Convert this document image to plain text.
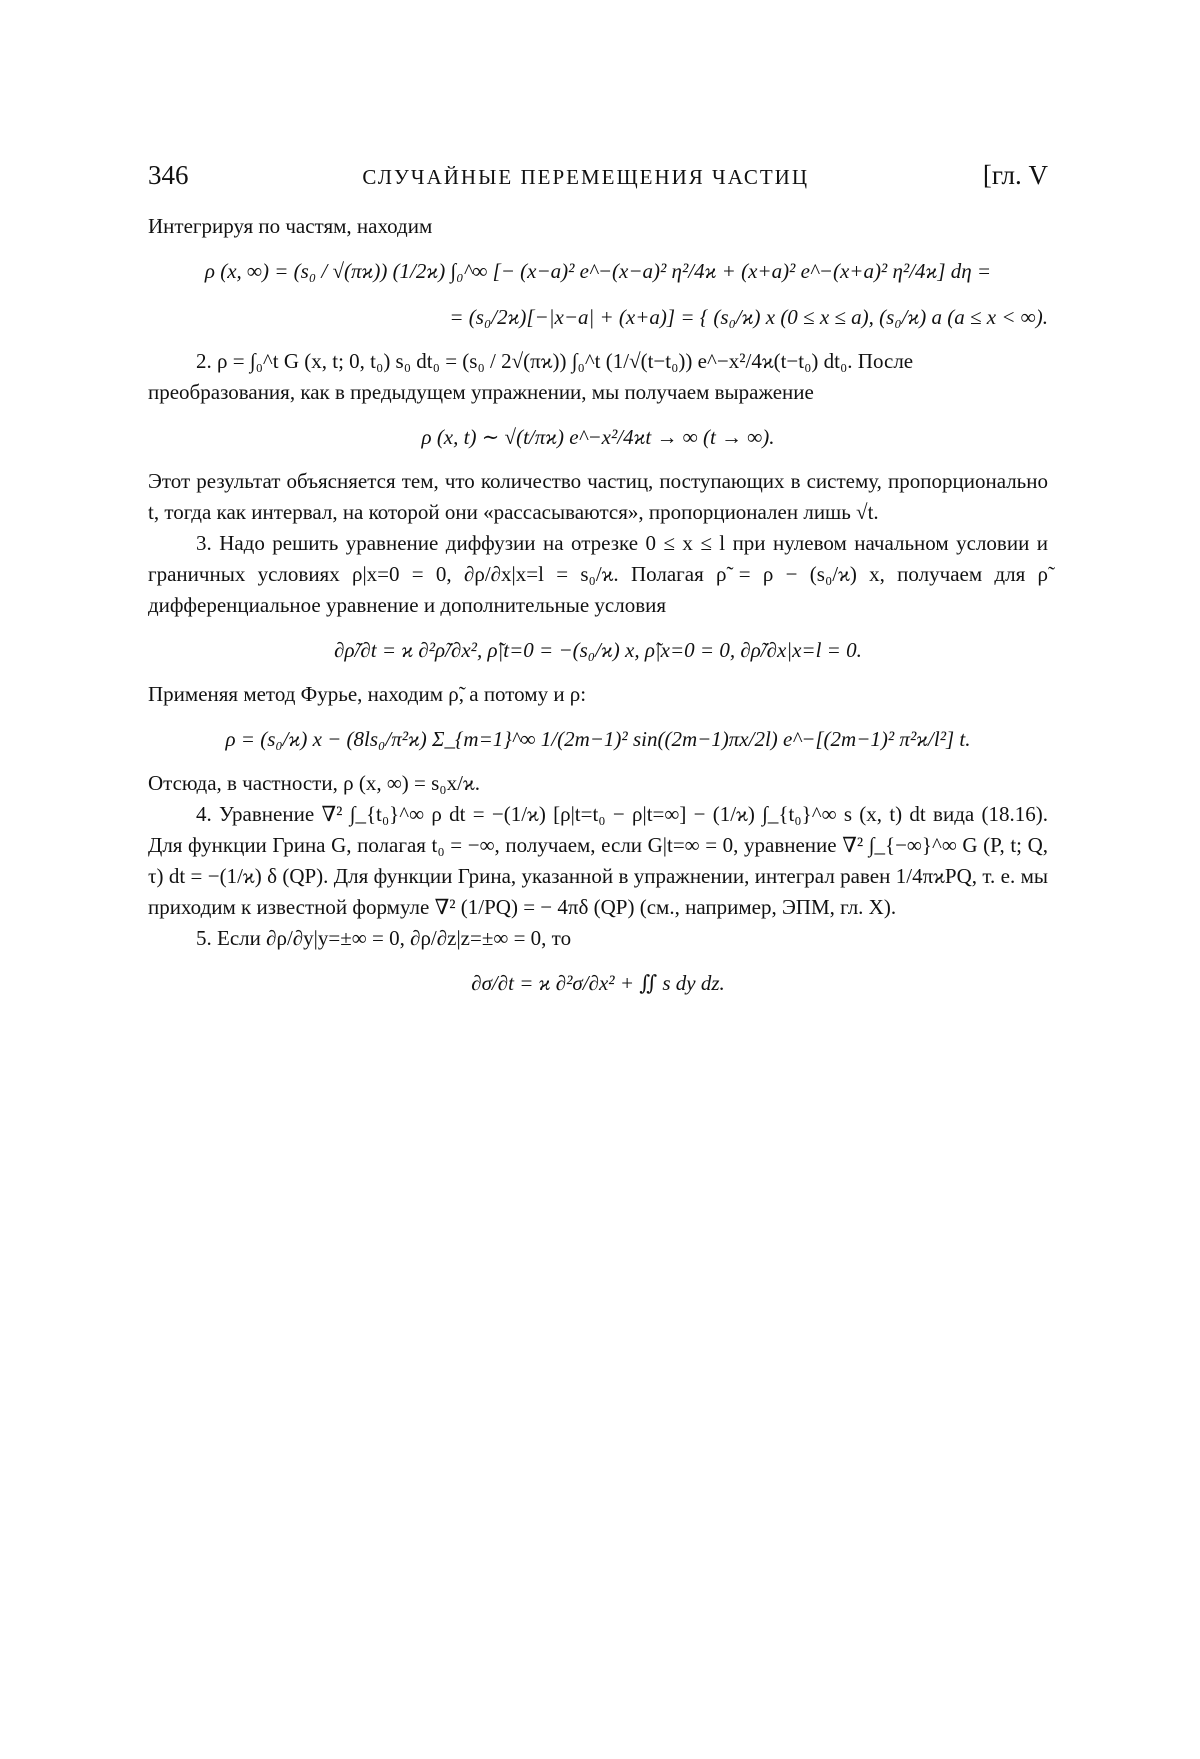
346	СЛУЧАЙНЫЕ ПЕРЕМЕЩЕНИЯ ЧАСТИЦ	[гл. V

Интегрируя по частям, находим

ρ (x, ∞) = (s₀ / √(πϰ)) (1/2ϰ) ∫₀^∞ [− (x−a)² e^−(x−a)² η²/4ϰ + (x+a)² e^−(x+a)² η²/4ϰ] dη =
= (s₀/2ϰ)[−|x−a| + (x+a)] = { (s₀/ϰ) x (0 ≤ x ≤ a), (s₀/ϰ) a (a ≤ x < ∞).

2. ρ = ∫₀^t G (x, t; 0, t₀) s₀ dt₀ = (s₀ / 2√(πϰ)) ∫₀^t (1/√(t−t₀)) e^−x²/4ϰ(t−t₀) dt₀. После

преобразования, как в предыдущем упражнении, мы получаем выражение

ρ (x, t) ∼ √(t/πϰ) e^−x²/4ϰt → ∞ (t → ∞).

Этот результат объясняется тем, что количество частиц, поступающих в систему, пропорционально t, тогда как интервал, на которой они «рассасываются», пропорционален лишь √t.

3. Надо решить уравнение диффузии на отрезке 0 ≤ x ≤ l при нулевом начальном условии и граничных условиях ρ|x=0 = 0, ∂ρ/∂x|x=l = s₀/ϰ. Полагая ρ̃ = ρ − (s₀/ϰ) x, получаем для ρ̃ дифференциальное уравнение и дополнительные условия

∂ρ̃/∂t = ϰ ∂²ρ̃/∂x², ρ̃|t=0 = −(s₀/ϰ) x, ρ̃|x=0 = 0, ∂ρ̃/∂x|x=l = 0.

Применяя метод Фурье, находим ρ̃, а потому и ρ:

ρ = (s₀/ϰ) x − (8ls₀/π²ϰ) Σ_{m=1}^∞ 1/(2m−1)² sin((2m−1)πx/2l) e^−[(2m−1)² π²ϰ/l²] t.

Отсюда, в частности, ρ (x, ∞) = s₀x/ϰ.

4. Уравнение ∇² ∫_{t₀}^∞ ρ dt = −(1/ϰ) [ρ|t=t₀ − ρ|t=∞] − (1/ϰ) ∫_{t₀}^∞ s (x, t) dt вида (18.16). Для функции Грина G, полагая t₀ = −∞, получаем, если G|t=∞ = 0, уравнение ∇² ∫_{−∞}^∞ G (P, t; Q, τ) dt = −(1/ϰ) δ (QP). Для функции Грина, указанной в упражнении, интеграл равен 1/4πϰPQ, т. е. мы приходим к известной формуле ∇² (1/PQ) = − 4πδ (QP) (см., например, ЭПМ, гл. X).

5. Если ∂ρ/∂y|y=±∞ = 0, ∂ρ/∂z|z=±∞ = 0, то

∂σ/∂t = ϰ ∂²σ/∂x² + ∬ s dy dz.
